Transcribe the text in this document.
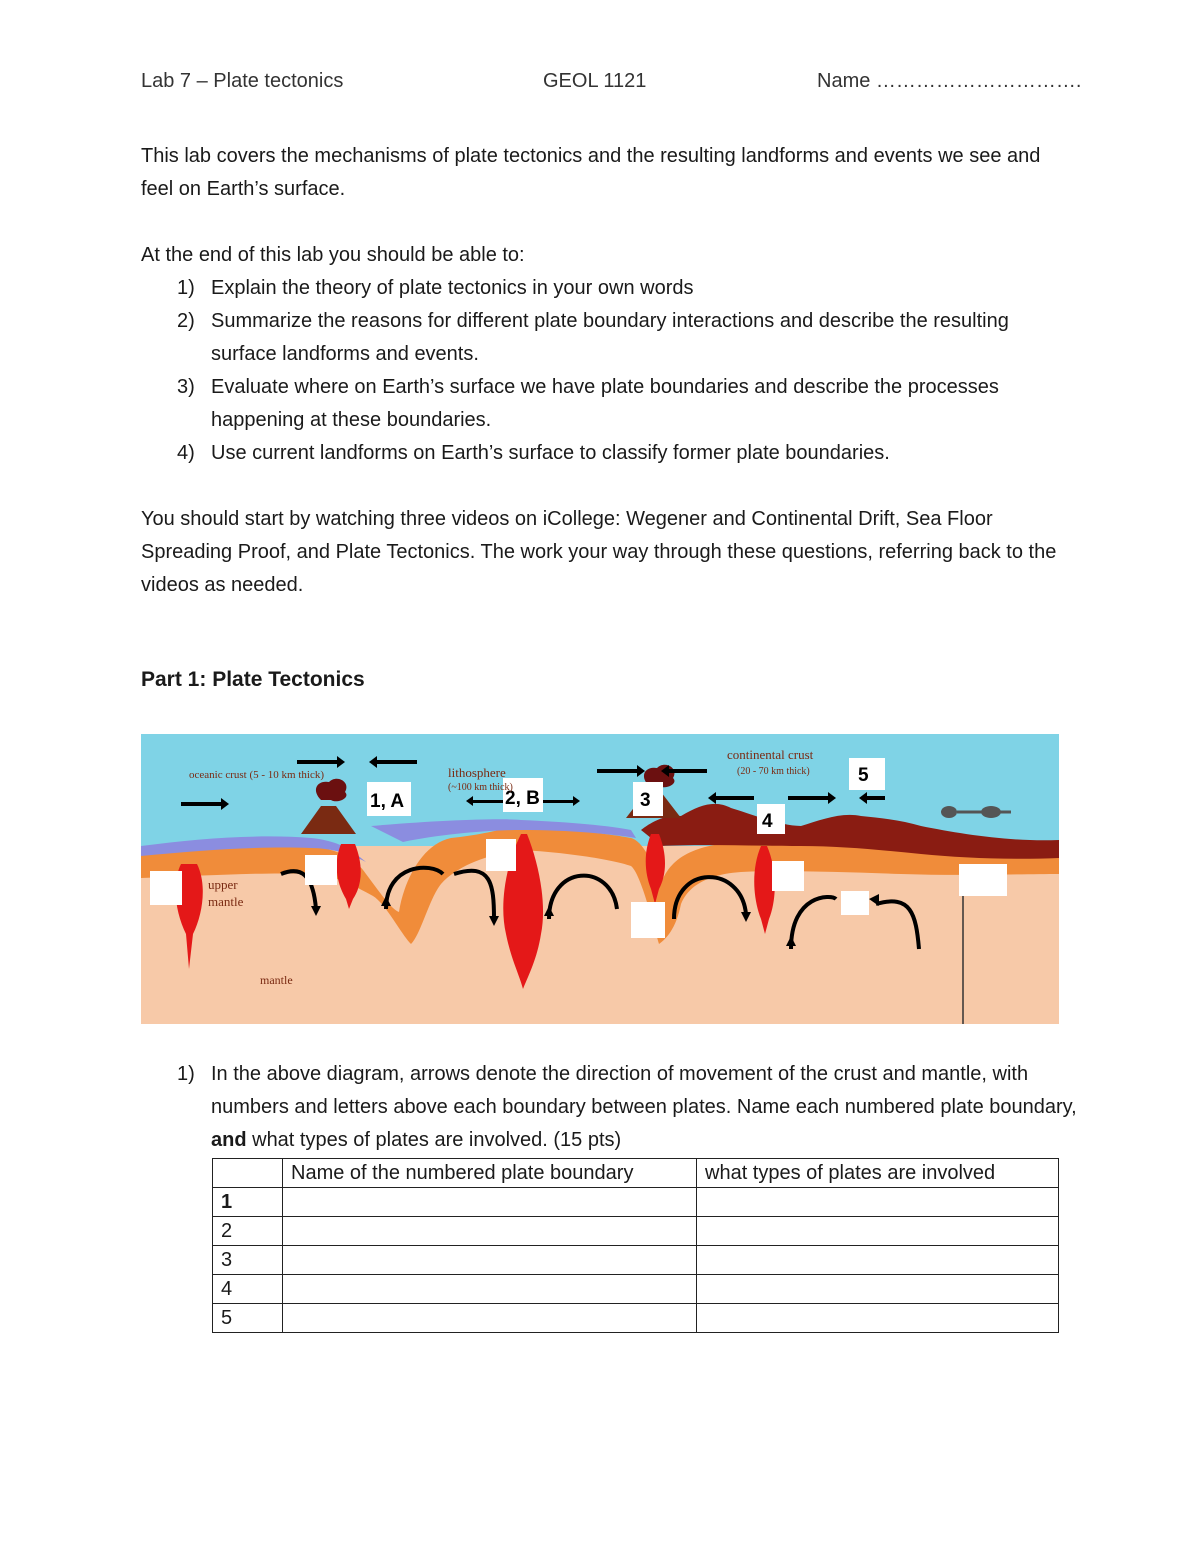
Lab 7 – Plate tectonics	GEOL 1121	Name ………………………….
This lab covers the mechanisms of plate tectonics and the resulting landforms and events we see and feel on Earth’s surface.
At the end of this lab you should be able to:
1) Explain the theory of plate tectonics in your own words
2) Summarize the reasons for different plate boundary interactions and describe the resulting surface landforms and events.
3) Evaluate where on Earth’s surface we have plate boundaries and describe the processes happening at these boundaries.
4) Use current landforms on Earth’s surface to classify former plate boundaries.
You should start by watching three videos on iCollege: Wegener and Continental Drift, Sea Floor Spreading Proof, and Plate Tectonics. The work your way through these questions, referring back to the videos as needed.
Part 1: Plate Tectonics
1, A	2, B	3
4
5
oceanic crust (5 - 10 km thick)	lithosphere
(~100 km thick)
continental crust
(20 - 70 km thick)
upper
mantle
mantle
1) In the above diagram, arrows denote the direction of movement of the crust and mantle, with numbers and letters above each boundary between plates. Name each numbered plate boundary, and what types of plates are involved. (15 pts)
	Name of the numbered plate boundary	what types of plates are involved
1		
2		
3		
4		
5		
